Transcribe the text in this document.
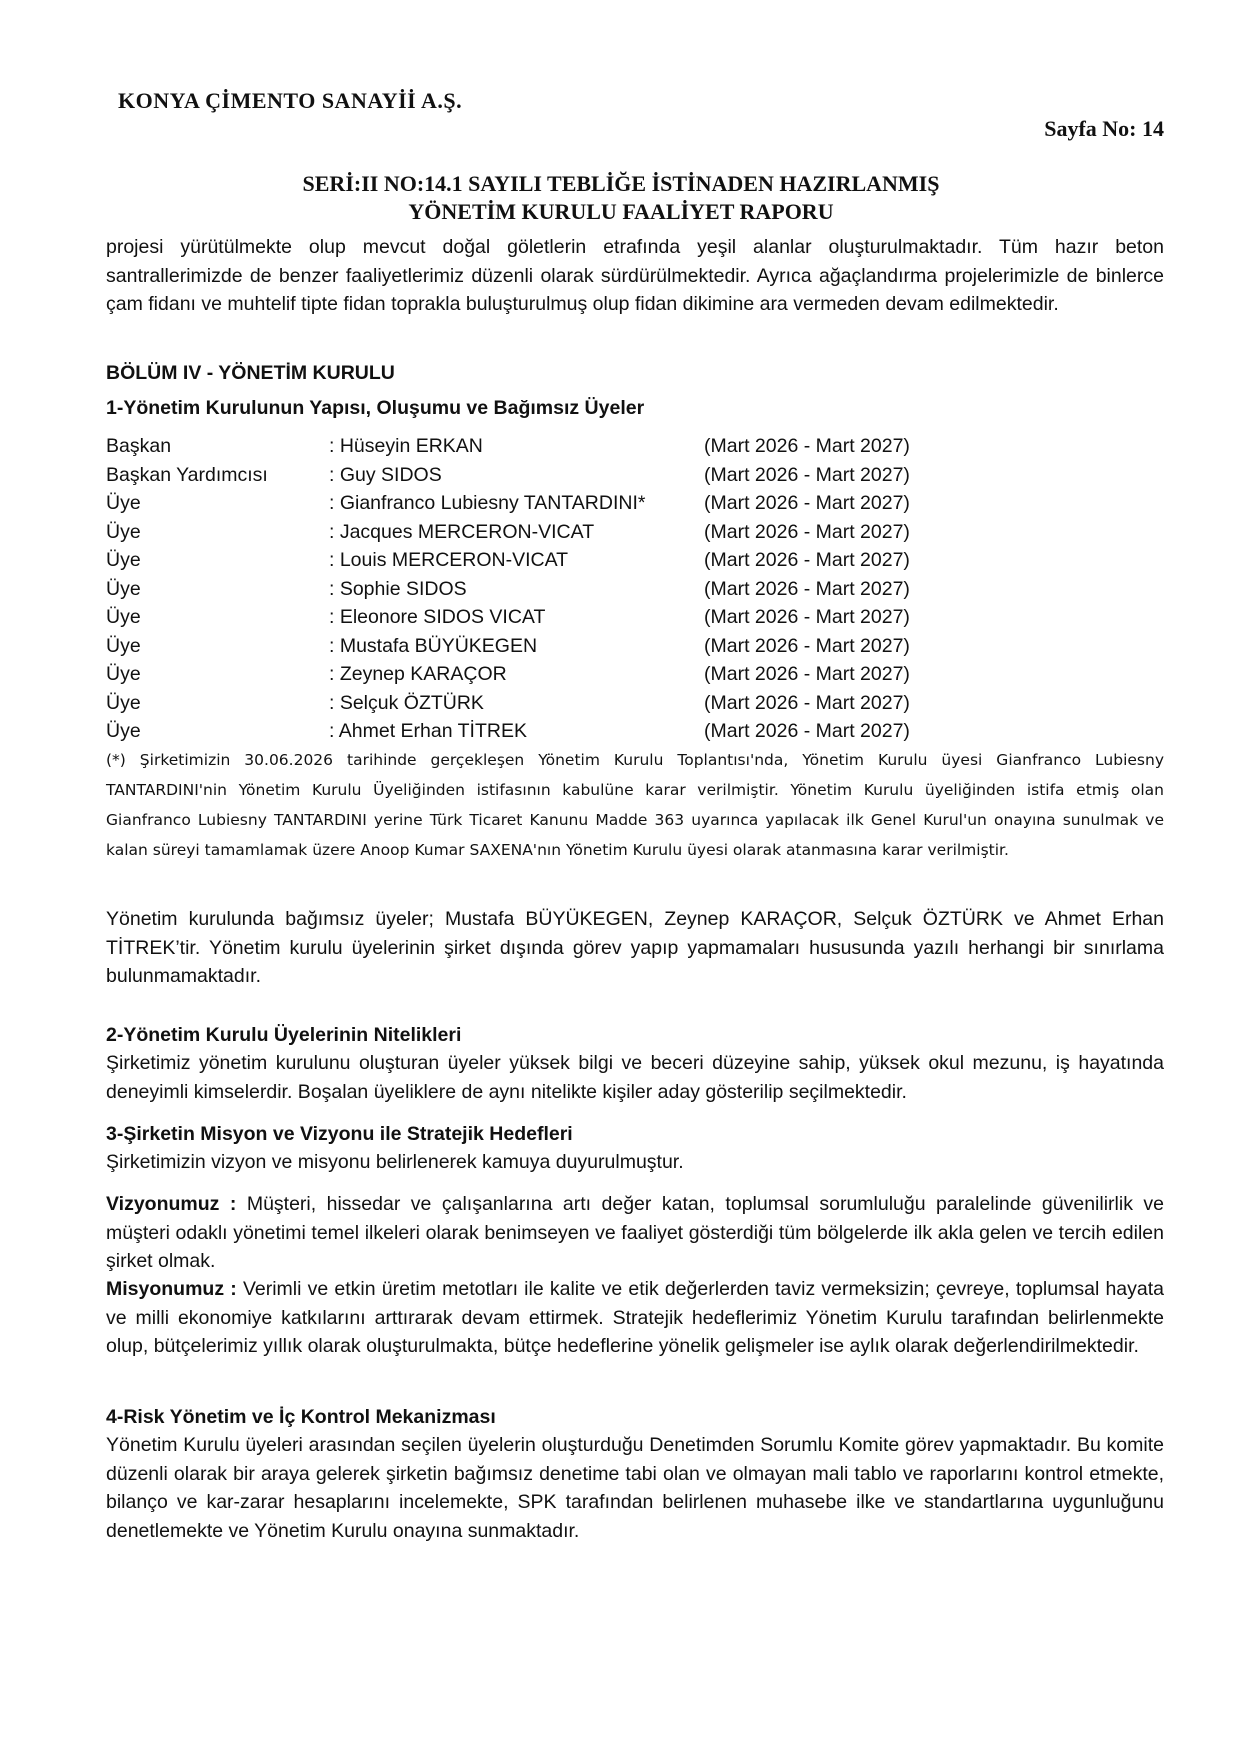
KONYA ÇİMENTO SANAYİİ A.Ş.
Sayfa No: 14
SERİ:II NO:14.1 SAYILI TEBLİĞE İSTİNADEN HAZIRLANMIŞ
YÖNETİM KURULU FAALİYET RAPORU
projesi yürütülmekte olup mevcut doğal göletlerin etrafında yeşil alanlar oluşturulmaktadır. Tüm hazır beton santrallerimizde de benzer faaliyetlerimiz düzenli olarak sürdürülmektedir. Ayrıca ağaçlandırma projelerimizle de binlerce çam fidanı ve muhtelif tipte fidan toprakla buluşturulmuş olup fidan dikimine ara vermeden devam edilmektedir.
BÖLÜM IV - YÖNETİM KURULU
1-Yönetim Kurulunun Yapısı, Oluşumu ve Bağımsız Üyeler
Başkan	: Hüseyin ERKAN	(Mart 2026 - Mart 2027)
Başkan Yardımcısı	: Guy SIDOS	(Mart 2026 - Mart 2027)
Üye	: Gianfranco Lubiesny TANTARDINI*	(Mart 2026 - Mart 2027)
Üye	: Jacques MERCERON-VICAT	(Mart 2026 - Mart 2027)
Üye	: Louis MERCERON-VICAT	(Mart 2026 - Mart 2027)
Üye	: Sophie SIDOS	(Mart 2026 - Mart 2027)
Üye	: Eleonore SIDOS VICAT	(Mart 2026 - Mart 2027)
Üye	: Mustafa BÜYÜKEGEN	(Mart 2026 - Mart 2027)
Üye	: Zeynep KARAÇOR	(Mart 2026 - Mart 2027)
Üye	: Selçuk ÖZTÜRK	(Mart 2026 - Mart 2027)
Üye	: Ahmet Erhan TİTREK	(Mart 2026 - Mart 2027)
(*) Şirketimizin 30.06.2026 tarihinde gerçekleşen Yönetim Kurulu Toplantısı'nda, Yönetim Kurulu üyesi Gianfranco Lubiesny TANTARDINI'nin Yönetim Kurulu Üyeliğinden istifasının kabulüne karar verilmiştir. Yönetim Kurulu üyeliğinden istifa etmiş olan Gianfranco Lubiesny TANTARDINI yerine Türk Ticaret Kanunu Madde 363 uyarınca yapılacak ilk Genel Kurul'un onayına sunulmak ve kalan süreyi tamamlamak üzere Anoop Kumar SAXENA'nın Yönetim Kurulu üyesi olarak atanmasına karar verilmiştir.
Yönetim kurulunda bağımsız üyeler; Mustafa BÜYÜKEGEN, Zeynep KARAÇOR, Selçuk ÖZTÜRK ve Ahmet Erhan TİTREK’tir. Yönetim kurulu üyelerinin şirket dışında görev yapıp yapmamaları hususunda yazılı herhangi bir sınırlama bulunmamaktadır.
2-Yönetim Kurulu Üyelerinin Nitelikleri
Şirketimiz yönetim kurulunu oluşturan üyeler yüksek bilgi ve beceri düzeyine sahip, yüksek okul mezunu, iş hayatında deneyimli kimselerdir. Boşalan üyeliklere de aynı nitelikte kişiler aday gösterilip seçilmektedir.
3-Şirketin Misyon ve Vizyonu ile Stratejik Hedefleri
Şirketimizin vizyon ve misyonu belirlenerek kamuya duyurulmuştur.
Vizyonumuz : Müşteri, hissedar ve çalışanlarına artı değer katan, toplumsal sorumluluğu paralelinde güvenilirlik ve müşteri odaklı yönetimi temel ilkeleri olarak benimseyen ve faaliyet gösterdiği tüm bölgelerde ilk akla gelen ve tercih edilen şirket olmak.
Misyonumuz : Verimli ve etkin üretim metotları ile kalite ve etik değerlerden taviz vermeksizin; çevreye, toplumsal hayata ve milli ekonomiye katkılarını arttırarak devam ettirmek. Stratejik hedeflerimiz Yönetim Kurulu tarafından belirlenmekte olup, bütçelerimiz yıllık olarak oluşturulmakta, bütçe hedeflerine yönelik gelişmeler ise aylık olarak değerlendirilmektedir.
4-Risk Yönetim ve İç Kontrol Mekanizması
Yönetim Kurulu üyeleri arasından seçilen üyelerin oluşturduğu Denetimden Sorumlu Komite görev yapmaktadır. Bu komite düzenli olarak bir araya gelerek şirketin bağımsız denetime tabi olan ve olmayan mali tablo ve raporlarını kontrol etmekte, bilanço ve kar-zarar hesaplarını incelemekte, SPK tarafından belirlenen muhasebe ilke ve standartlarına uygunluğunu denetlemekte ve Yönetim Kurulu onayına sunmaktadır.
